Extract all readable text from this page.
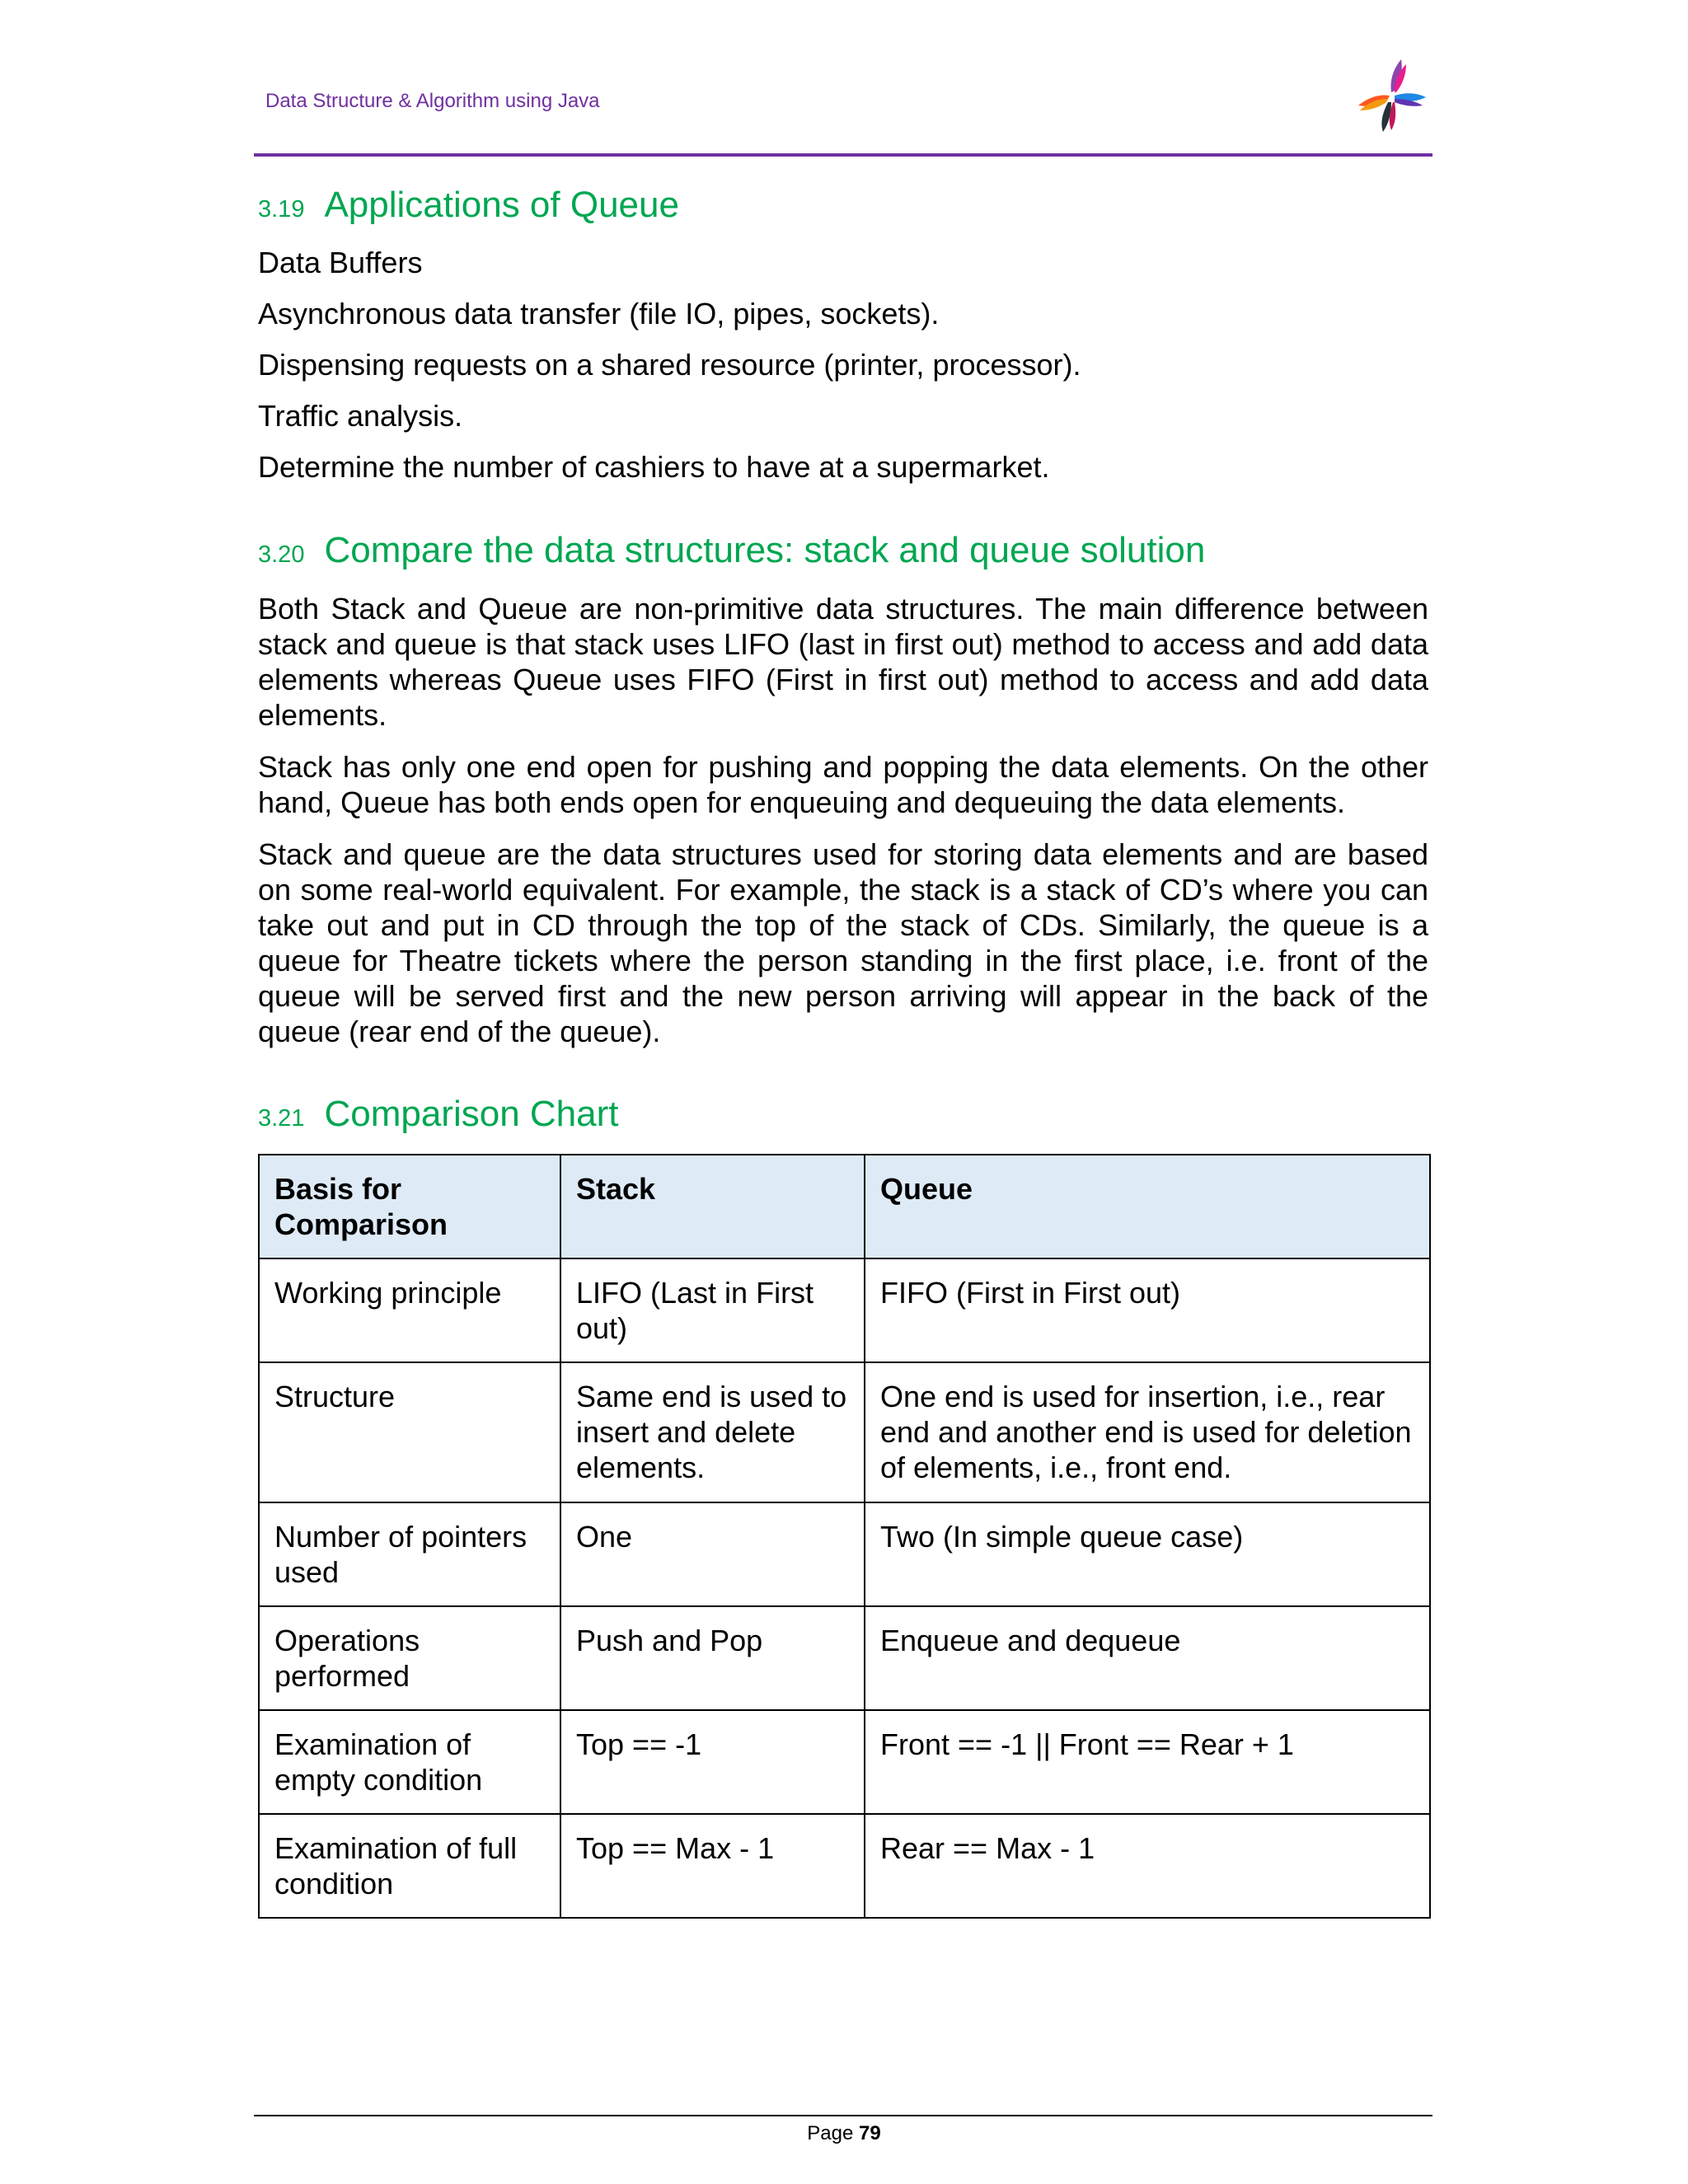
Data Structure & Algorithm using Java
3.19 Applications of Queue
Data Buffers
Asynchronous data transfer (file IO, pipes, sockets).
Dispensing requests on a shared resource (printer, processor).
Traffic analysis.
Determine the number of cashiers to have at a supermarket.
3.20 Compare the data structures: stack and queue solution

Both Stack and Queue are non-primitive data structures. The main difference between stack and queue is that stack uses LIFO (last in first out) method to access and add data elements whereas Queue uses FIFO (First in first out) method to access and add data elements.

Stack has only one end open for pushing and popping the data elements. On the other hand, Queue has both ends open for enqueuing and dequeuing the data elements.

Stack and queue are the data structures used for storing data elements and are based on some real-world equivalent. For example, the stack is a stack of CD’s where you can take out and put in CD through the top of the stack of CDs. Similarly, the queue is a queue for Theatre tickets where the person standing in the first place, i.e. front of the queue will be served first and the new person arriving will appear in the back of the queue (rear end of the queue).

3.21 Comparison Chart
Basis for Comparison	Stack	Queue
Working principle	LIFO (Last in First out)	FIFO (First in First out)
Structure	Same end is used to insert and delete elements.	One end is used for insertion, i.e., rear end and another end is used for deletion of elements, i.e., front end.
Number of pointers used	One	Two (In simple queue case)
Operations performed	Push and Pop	Enqueue and dequeue
Examination of empty condition	Top == -1	Front == -1 || Front == Rear + 1
Examination of full condition	Top == Max - 1	Rear == Max - 1
Page 79
